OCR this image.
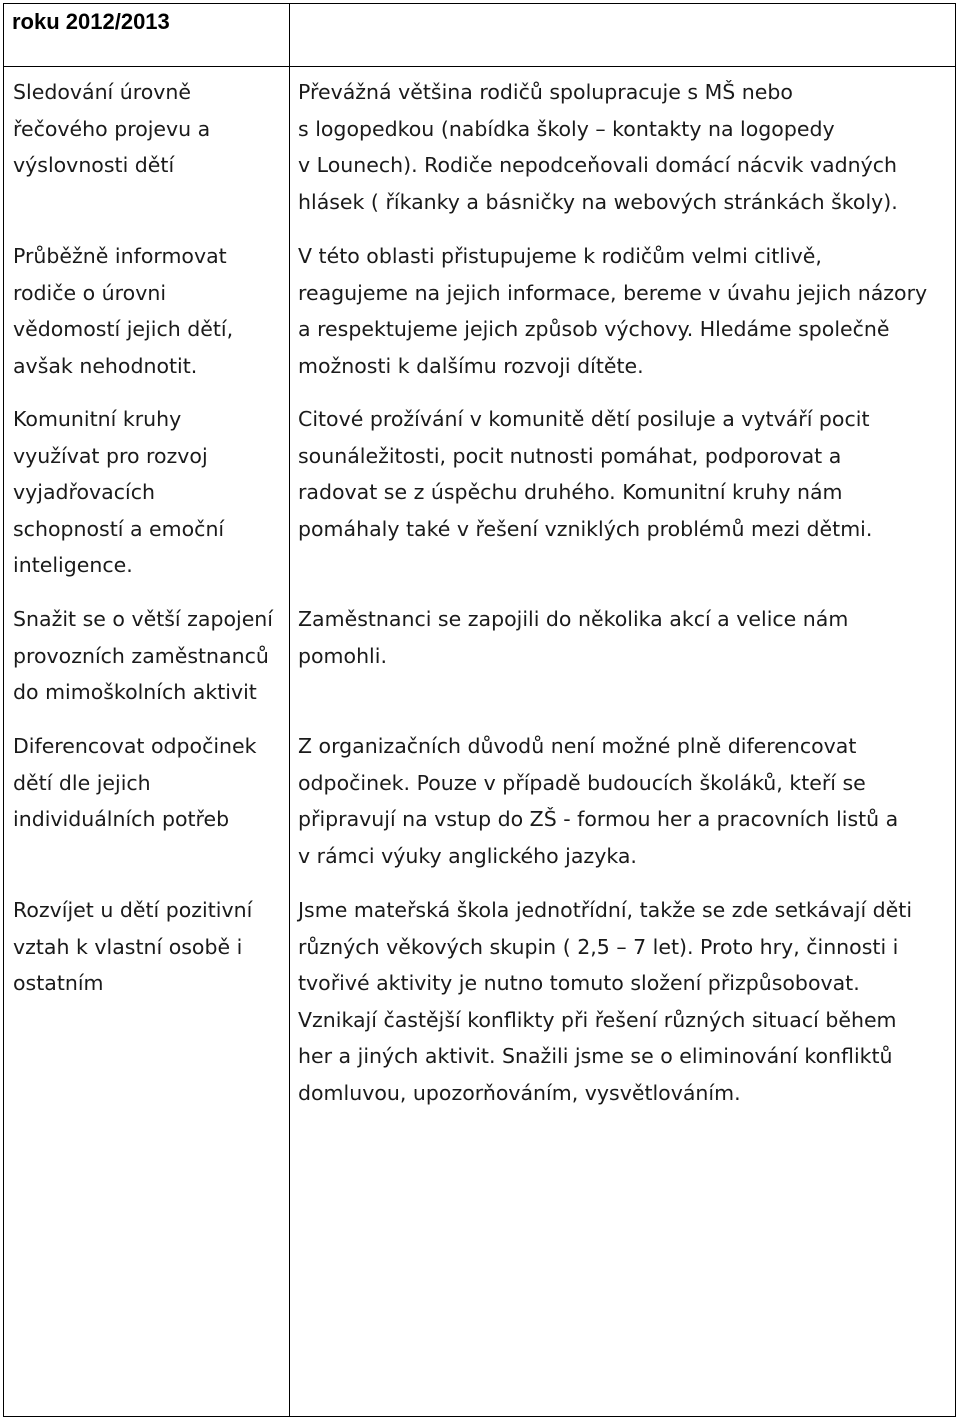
roku 2012/2013

Sledování úrovně
řečového projevu a
výslovnosti dětí

Převážná většina rodičů spolupracuje s MŠ nebo
s logopedkou (nabídka školy – kontakty na logopedy
v Lounech). Rodiče nepodceňovali domácí nácvik vadných
hlásek ( říkanky a básničky na webových stránkách školy).

Průběžně informovat
rodiče o úrovni
vědomostí jejich dětí,
avšak nehodnotit.

V této oblasti přistupujeme k rodičům velmi citlivě,
reagujeme na jejich informace, bereme v úvahu jejich názory
a respektujeme jejich způsob výchovy. Hledáme společně
možnosti k dalšímu rozvoji dítěte.

Komunitní kruhy
využívat pro rozvoj
vyjadřovacích
schopností a emoční
inteligence.

Citové prožívání v komunitě dětí posiluje a vytváří pocit
sounáležitosti, pocit nutnosti pomáhat, podporovat a
radovat se z úspěchu druhého. Komunitní kruhy nám
pomáhaly také v řešení vzniklých problémů mezi dětmi.

Snažit se o větší zapojení
provozních zaměstnanců
do mimoškolních aktivit

Zaměstnanci se zapojili do několika akcí a velice nám
pomohli.

Diferencovat odpočinek
dětí dle jejich
individuálních potřeb

Z organizačních důvodů není možné plně diferencovat
odpočinek. Pouze v případě budoucích školáků, kteří se
připravují na vstup do ZŠ - formou her a pracovních listů a
v rámci výuky anglického jazyka.

Rozvíjet u dětí pozitivní
vztah k vlastní osobě i
ostatním

Jsme mateřská škola jednotřídní, takže se zde setkávají děti
různých věkových skupin ( 2,5 – 7 let). Proto hry, činnosti i
tvořivé aktivity je nutno tomuto složení přizpůsobovat.
Vznikají častější konflikty při řešení různých situací během
her a jiných aktivit. Snažili jsme se o eliminování konfliktů
domluvou, upozorňováním, vysvětlováním.
